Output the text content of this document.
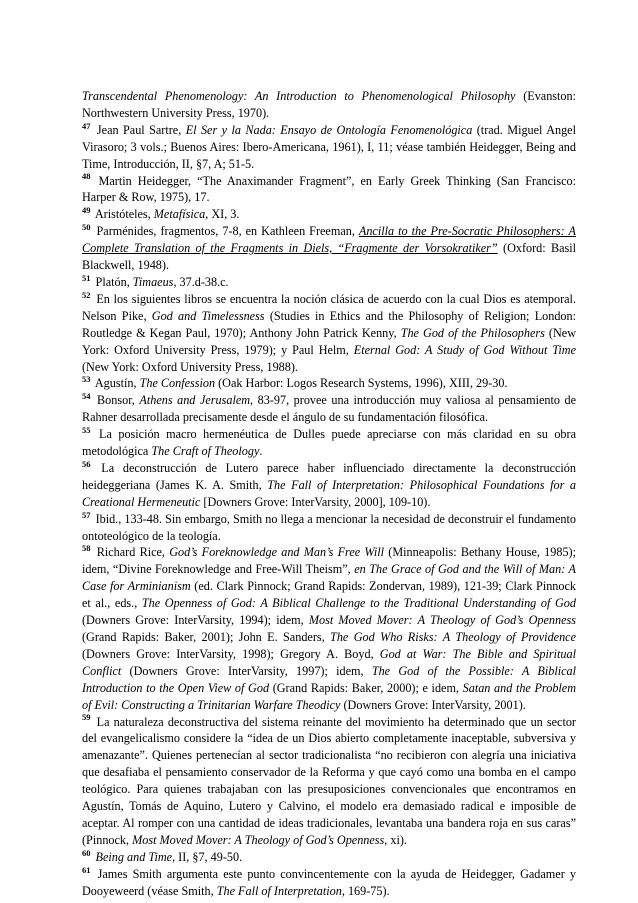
Transcendental Phenomenology: An Introduction to Phenomenological Philosophy (Evanston: Northwestern University Press, 1970).

$^{47}$ Jean Paul Sartre, El Ser y la Nada: Ensayo de Ontología Fenomenológica (trad. Miguel Angel Virasoro; 3 vols.; Buenos Aires: Ibero-Americana, 1961), I, 11; véase también Heidegger, Being and Time, Introducción, II, §7, A; 51-5.

$^{48}$ Martin Heidegger, “The Anaximander Fragment”, en Early Greek Thinking (San Francisco: Harper & Row, 1975), 17.

$^{49}$ Aristóteles, Metafísica, XI, 3.

$^{50}$ Parménides, fragmentos, 7-8, en Kathleen Freeman, Ancilla to the Pre-Socratic Philosophers: A Complete Translation of the Fragments in Diels, “Fragmente der Vorsokratiker” (Oxford: Basil Blackwell, 1948).

$^{51}$ Platón, Timaeus, 37.d-38.c.

$^{52}$ En los siguientes libros se encuentra la noción clásica de acuerdo con la cual Dios es atemporal. Nelson Pike, God and Timelessness (Studies in Ethics and the Philosophy of Religion; London: Routledge & Kegan Paul, 1970); Anthony John Patrick Kenny, The God of the Philosophers (New York: Oxford University Press, 1979); y Paul Helm, Eternal God: A Study of God Without Time (New York: Oxford University Press, 1988).

$^{53}$ Agustín, The Confession (Oak Harbor: Logos Research Systems, 1996), XIII, 29-30.

$^{54}$ Bonsor, Athens and Jerusalem, 83-97, provee una introducción muy valiosa al pensamiento de Rahner desarrollada precisamente desde el ángulo de su fundamentación filosófica.

$^{55}$ La posición macro hermenéutica de Dulles puede apreciarse con más claridad en su obra metodológica The Craft of Theology.

$^{56}$ La deconstrucción de Lutero parece haber influenciado directamente la deconstrucción heideggeriana (James K. A. Smith, The Fall of Interpretation: Philosophical Foundations for a Creational Hermeneutic [Downers Grove: InterVarsity, 2000], 109-10).

$^{57}$ Ibid., 133-48. Sin embargo, Smith no llega a mencionar la necesidad de deconstruir el fundamento ontoteológico de la teología.

$^{58}$ Richard Rice, God’s Foreknowledge and Man’s Free Will (Minneapolis: Bethany House, 1985); idem, “Divine Foreknowledge and Free-Will Theism”, en The Grace of God and the Will of Man: A Case for Arminianism (ed. Clark Pinnock; Grand Rapids: Zondervan, 1989), 121-39; Clark Pinnock et al., eds., The Openness of God: A Biblical Challenge to the Traditional Understanding of God (Downers Grove: InterVarsity, 1994); idem, Most Moved Mover: A Theology of God’s Openness (Grand Rapids: Baker, 2001); John E. Sanders, The God Who Risks: A Theology of Providence (Downers Grove: InterVarsity, 1998); Gregory A. Boyd, God at War: The Bible and Spiritual Conflict (Downers Grove: InterVarsity, 1997); idem, The God of the Possible: A Biblical Introduction to the Open View of God (Grand Rapids: Baker, 2000); e idem, Satan and the Problem of Evil: Constructing a Trinitarian Warfare Theodicy (Downers Grove: InterVarsity, 2001).

$^{59}$ La naturaleza deconstructiva del sistema reinante del movimiento ha determinado que un sector del evangelicalismo considere la “idea de un Dios abierto completamente inaceptable, subversiva y amenazante”. Quienes pertenecían al sector tradicionalista “no recibieron con alegría una iniciativa que desafiaba el pensamiento conservador de la Reforma y que cayó como una bomba en el campo teológico. Para quienes trabajaban con las presuposiciones convencionales que encontramos en Agustín, Tomás de Aquino, Lutero y Calvino, el modelo era demasiado radical e imposible de aceptar. Al romper con una cantidad de ideas tradicionales, levantaba una bandera roja en sus caras” (Pinnock, Most Moved Mover: A Theology of God’s Openness, xi).

$^{60}$ Being and Time, II, §7, 49-50.

$^{61}$ James Smith argumenta este punto convincentemente con la ayuda de Heidegger, Gadamer y Dooyeweerd (véase Smith, The Fall of Interpretation, 169-75).
